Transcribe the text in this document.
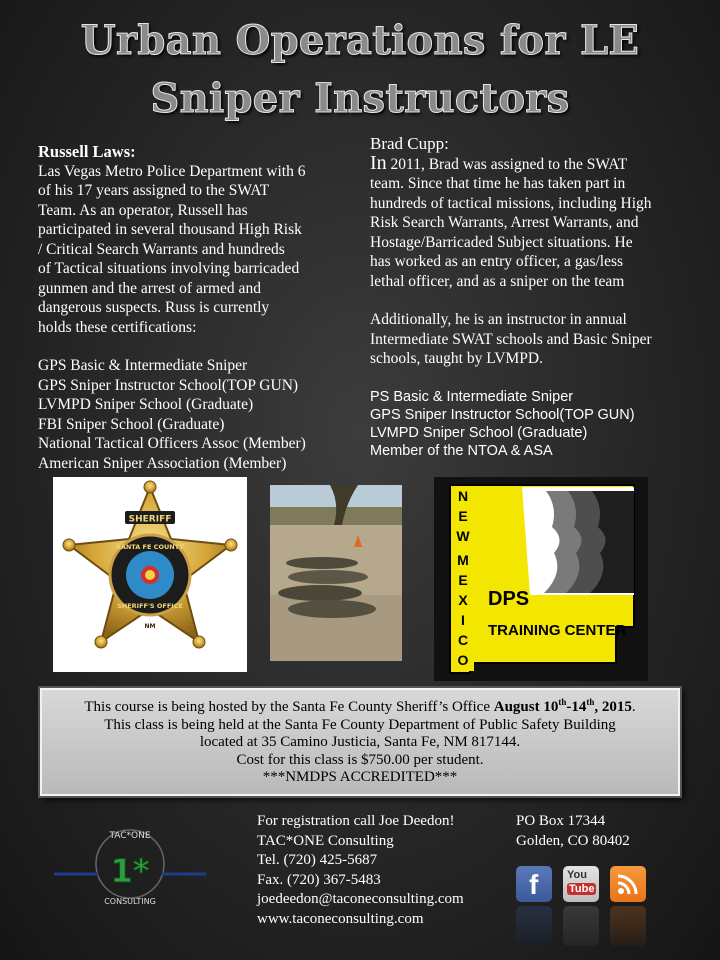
Urban Operations for LE Sniper Instructors
Russell Laws:
Las Vegas Metro Police Department with 6
of his 17 years assigned to the SWAT
Team. As an operator, Russell has
participated in several thousand High Risk
/ Critical Search Warrants and hundreds
of Tactical situations involving barricaded
gunmen and the arrest of armed and
dangerous suspects. Russ is currently
holds these certifications:
GPS Basic & Intermediate Sniper
GPS Sniper Instructor School(TOP GUN)
LVMPD Sniper School (Graduate)
FBI Sniper School (Graduate)
National Tactical Officers Assoc (Member)
American Sniper Association (Member)
Brad Cupp:
In 2011, Brad was assigned to the SWAT
team. Since that time he has taken part in
hundreds of tactical missions, including High
Risk Search Warrants, Arrest Warrants, and
Hostage/Barricaded Subject situations. He
has worked as an entry officer, a gas/less
lethal officer, and as a sniper on the team
Additionally, he is an instructor in annual
Intermediate SWAT schools and Basic Sniper
schools, taught by LVMPD.
PS Basic & Intermediate Sniper
GPS Sniper Instructor School(TOP GUN)
LVMPD Sniper School (Graduate)
Member of the NTOA & ASA
SHERIFF
SANTA FE COUNTY
SHERIFF'S OFFICE
NM
N
E
W
M
E
X
I
C
O
DPS
TRAINING CENTER
This course is being hosted by the Santa Fe County Sheriff’s Office August 10th-14th, 2015.
This class is being held at the Santa Fe County Department of Public Safety Building
located at 35 Camino Justicia, Santa Fe, NM 817144.
Cost for this class is $750.00 per student.
***NMDPS ACCREDITED***
TAC*ONE
1*
CONSULTING
For registration call Joe Deedon!
TAC*ONE Consulting
Tel. (720) 425-5687
Fax. (720) 367-5483
joedeedon@taconeconsulting.com
www.taconeconsulting.com
PO Box 17344
Golden, CO 80402
f	You
Tube
